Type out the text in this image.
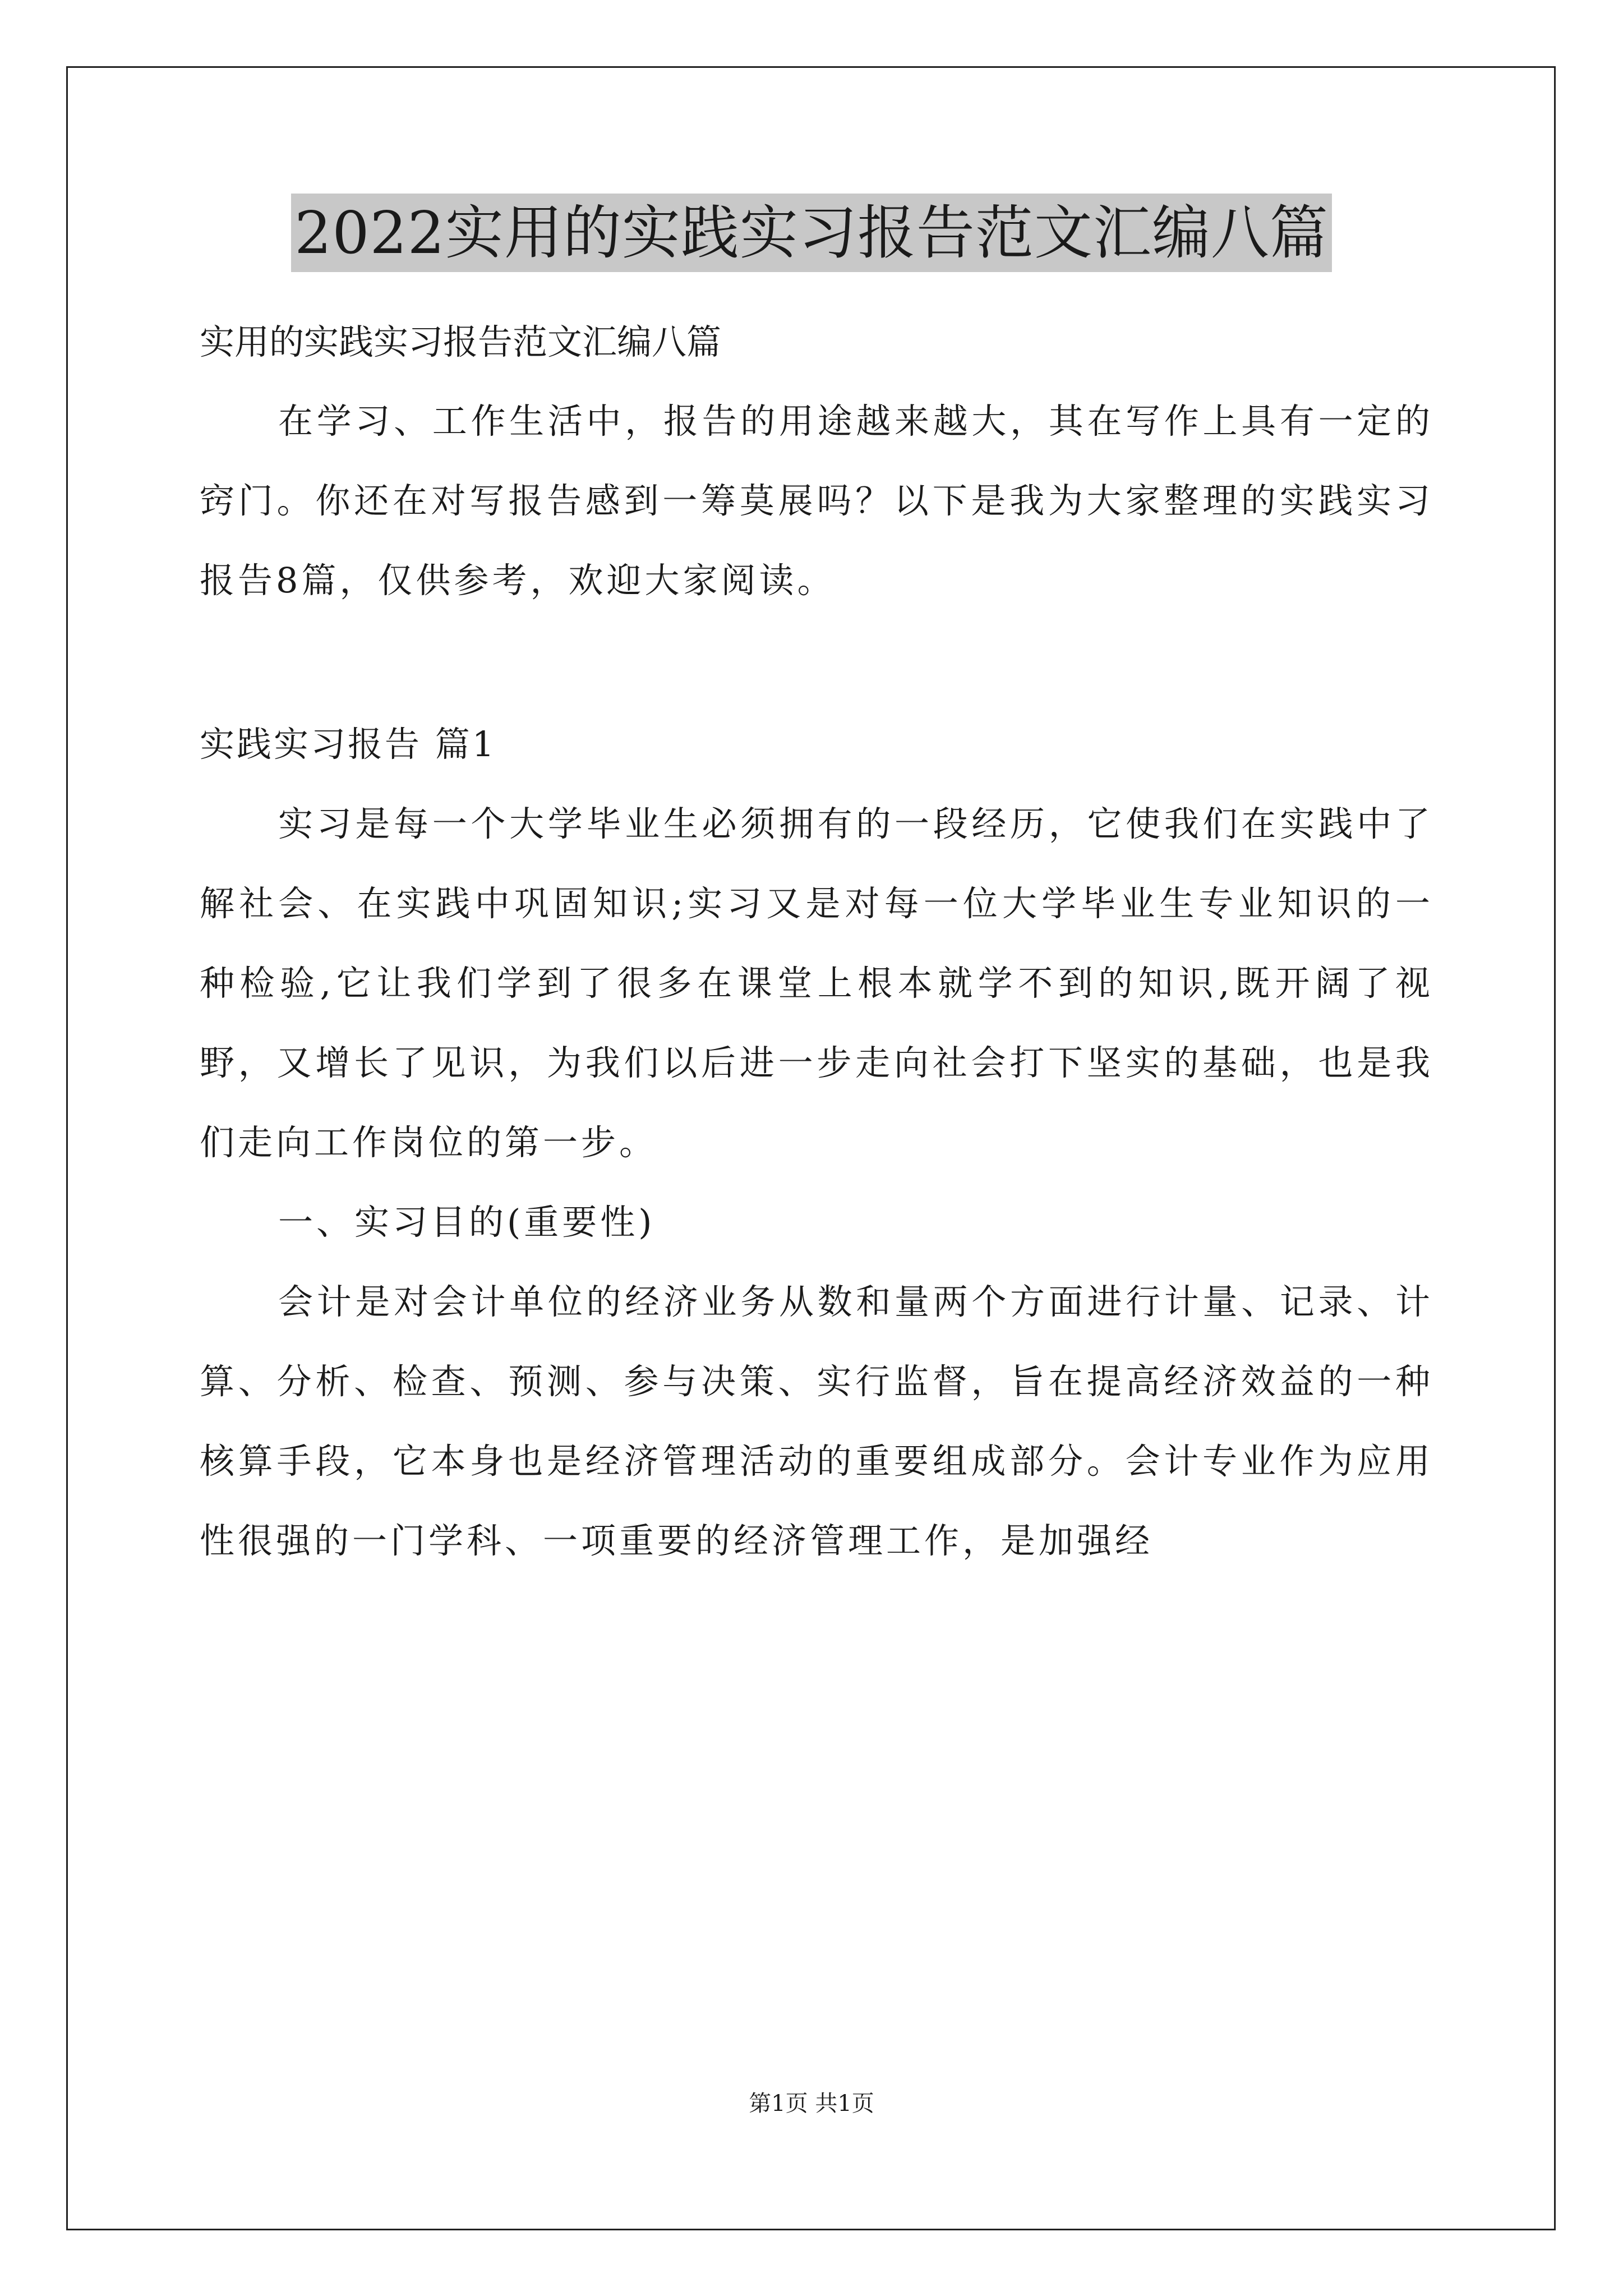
2022实用的实践实习报告范文汇编八篇
实用的实践实习报告范文汇编八篇

在学习、工作生活中，报告的用途越来越大，其在写作上具有一定的窍门。你还在对写报告感到一筹莫展吗？以下是我为大家整理的实践实习报告8篇，仅供参考，欢迎大家阅读。

实践实习报告 篇1

实习是每一个大学毕业生必须拥有的一段经历，它使我们在实践中了解社会、在实践中巩固知识;实习又是对每一位大学毕业生专业知识的一种检验,它让我们学到了很多在课堂上根本就学不到的知识,既开阔了视野，又增长了见识，为我们以后进一步走向社会打下坚实的基础，也是我们走向工作岗位的第一步。

一、实习目的(重要性)

会计是对会计单位的经济业务从数和量两个方面进行计量、记录、计算、分析、检查、预测、参与决策、实行监督，旨在提高经济效益的一种核算手段，它本身也是经济管理活动的重要组成部分。会计专业作为应用性很强的一门学科、一项重要的经济管理工作，是加强经

第1页 共1页
